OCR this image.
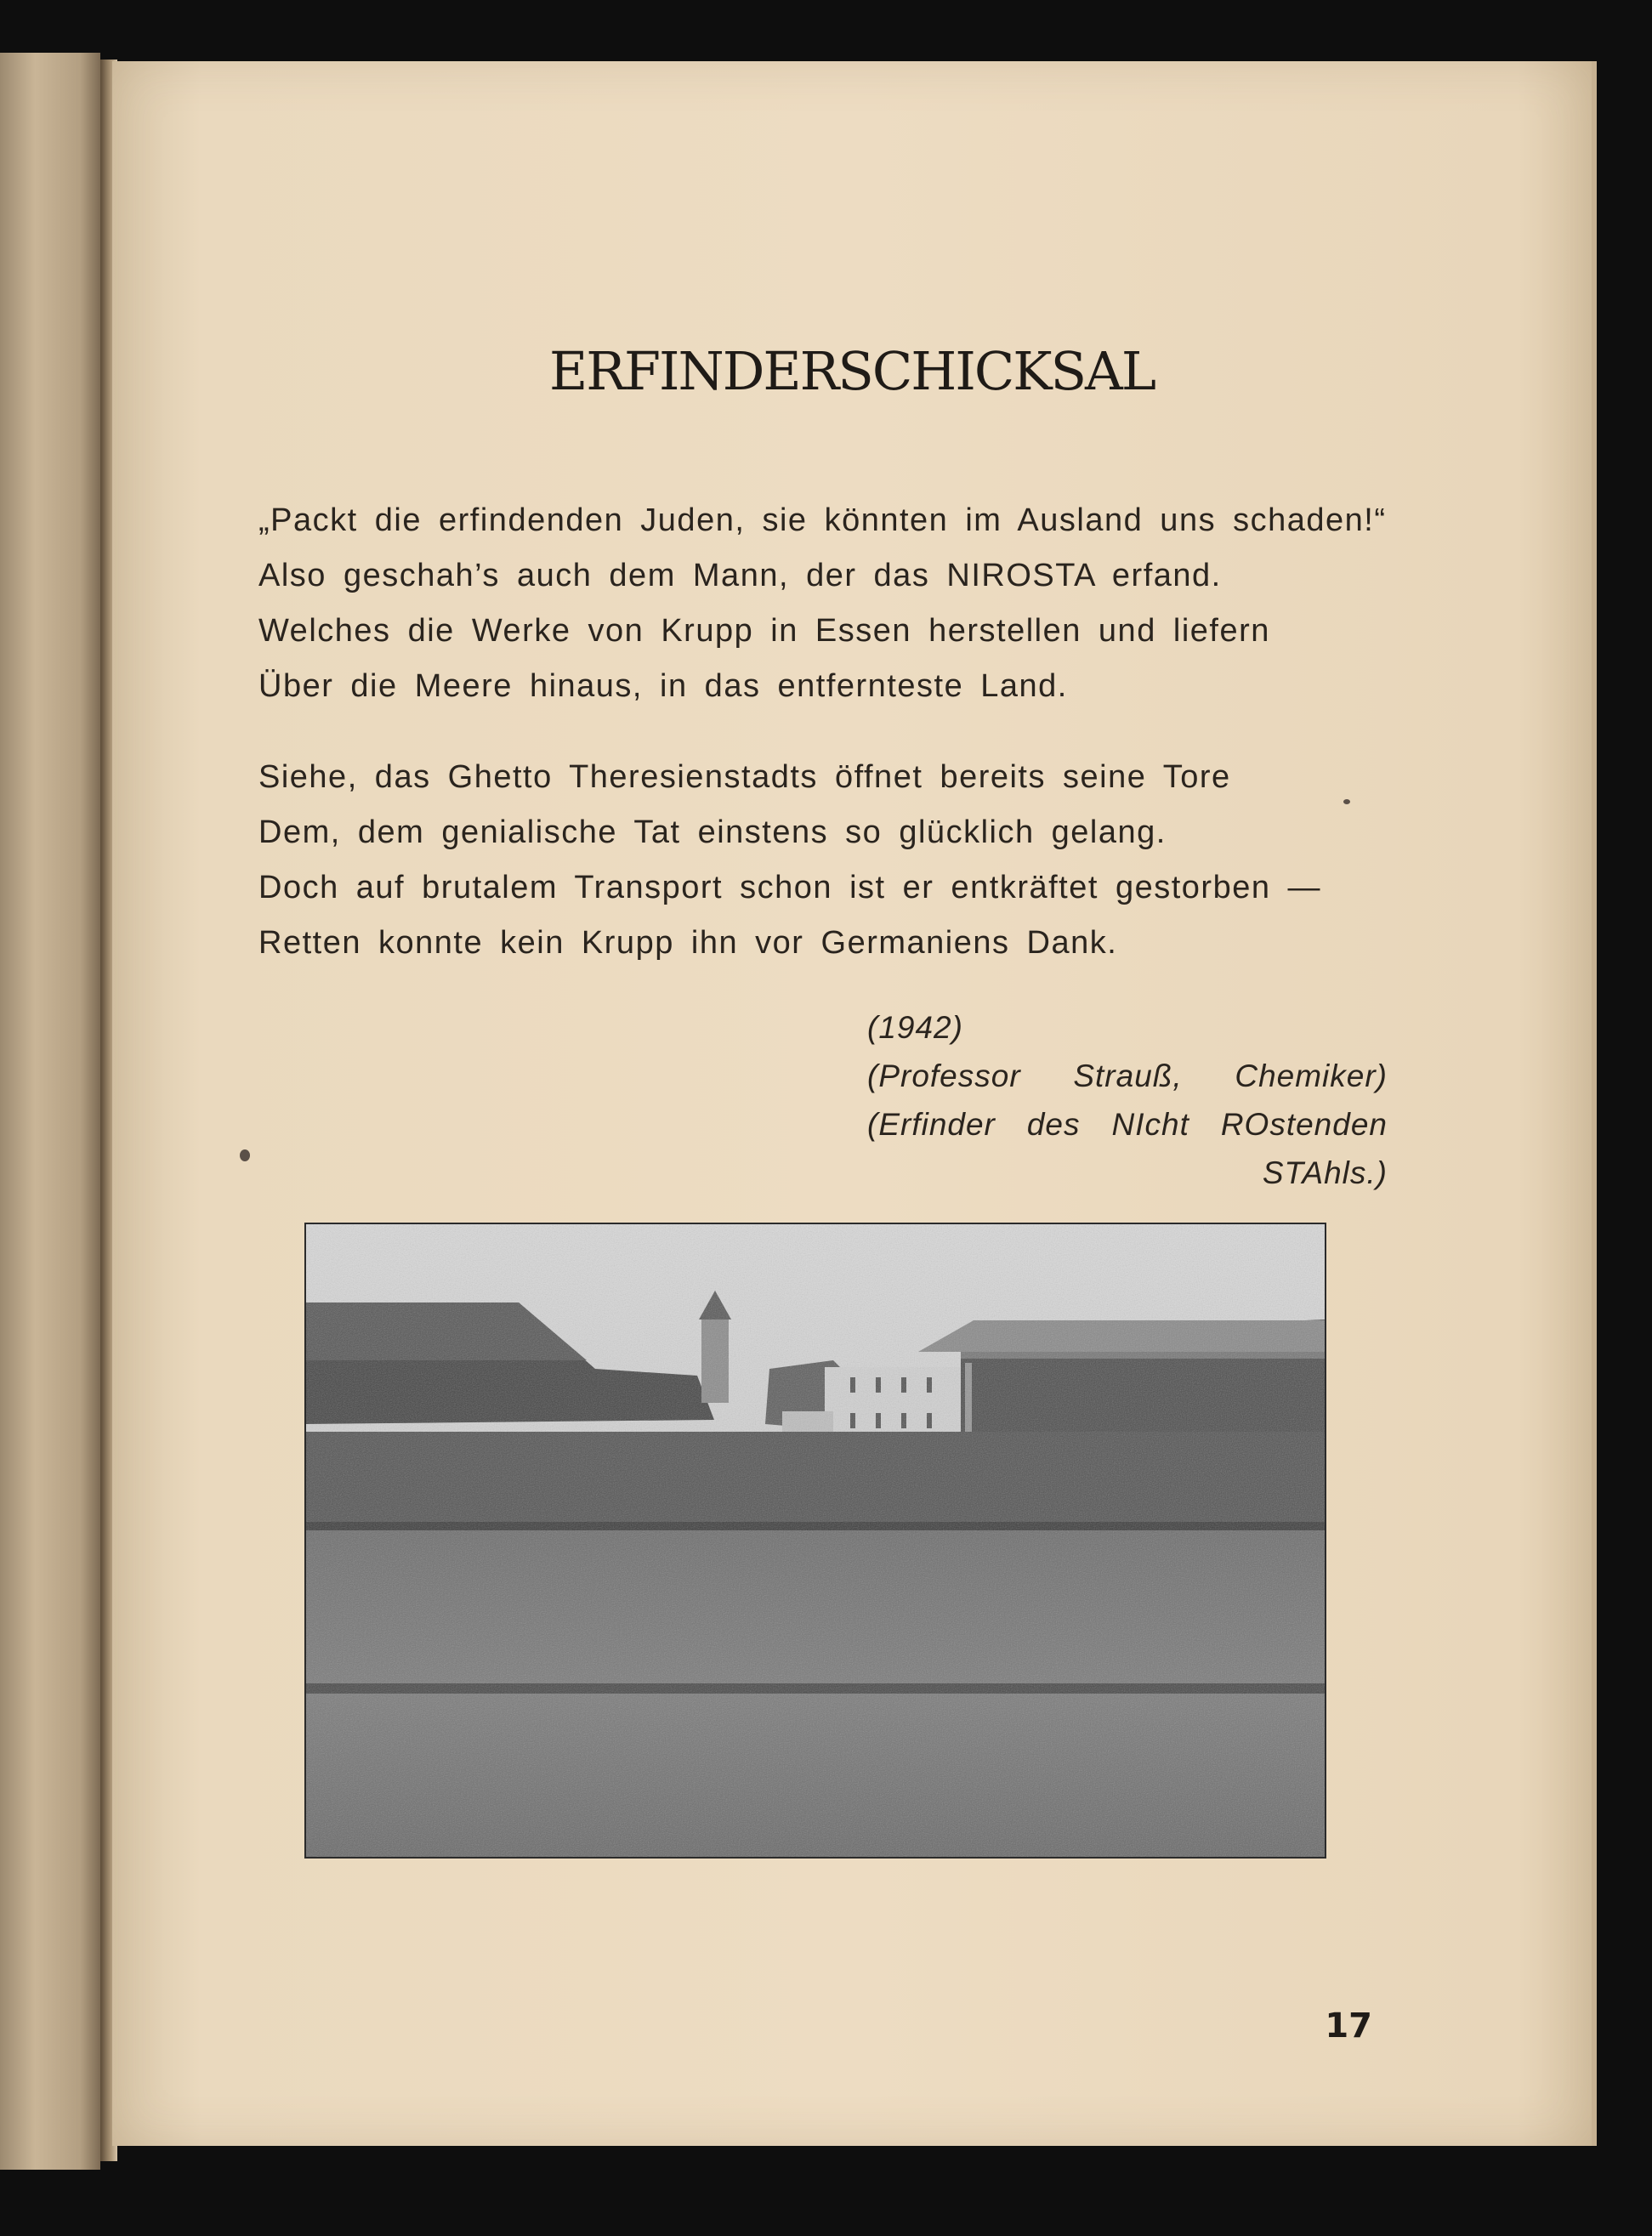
ERFINDERSCHICKSAL
„Packt die erfindenden Juden, sie könnten im Ausland uns schaden!“
Also geschah’s auch dem Mann, der das NIROSTA erfand.
Welches die Werke von Krupp in Essen herstellen und liefern
Über die Meere hinaus, in das entfernteste Land.
Siehe, das Ghetto Theresienstadts öffnet bereits seine Tore
Dem, dem genialische Tat einstens so glücklich gelang.
Doch auf brutalem Transport schon ist er entkräftet gestorben —
Retten konnte kein Krupp ihn vor Germaniens Dank.
(1942)
(Professor Strauß, Chemiker)
(Erfinder des NIcht ROstenden
STAhls.)
17
